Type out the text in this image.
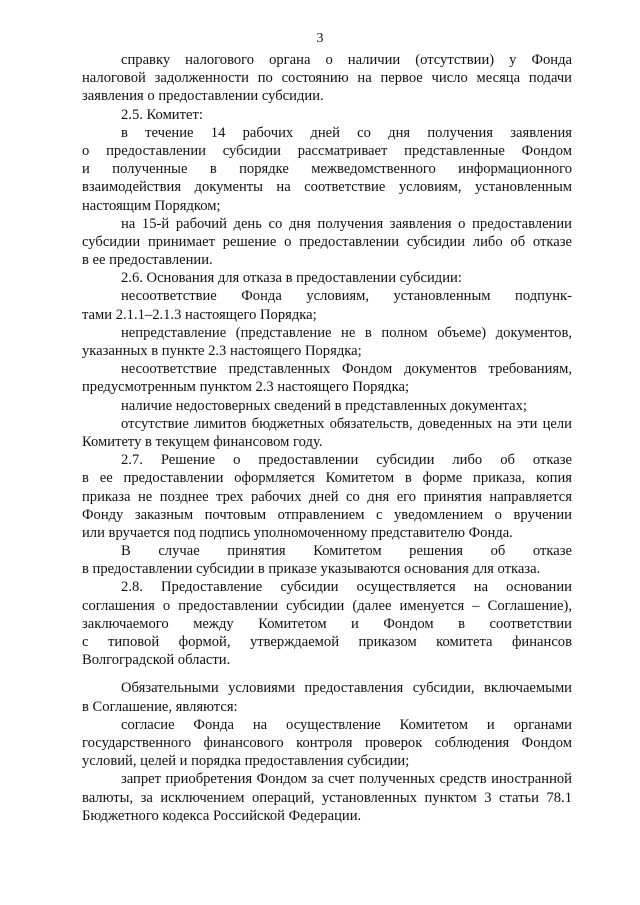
3
справку налогового органа о наличии (отсутствии) у Фонда
налоговой задолженности по состоянию на первое число месяца подачи
заявления о предоставлении субсидии.
2.5. Комитет:
в течение 14 рабочих дней со дня получения заявления
о предоставлении субсидии рассматривает представленные Фондом
и полученные в порядке межведомственного информационного
взаимодействия документы на соответствие условиям, установленным
настоящим Порядком;
на 15-й рабочий день со дня получения заявления о предоставлении
субсидии принимает решение о предоставлении субсидии либо об отказе
в ее предоставлении.
2.6. Основания для отказа в предоставлении субсидии:
несоответствие Фонда условиям, установленным подпунк-
тами 2.1.1–2.1.3 настоящего Порядка;
непредставление (представление не в полном объеме) документов,
указанных в пункте 2.3 настоящего Порядка;
несоответствие представленных Фондом документов требованиям,
предусмотренным пунктом 2.3 настоящего Порядка;
наличие недостоверных сведений в представленных документах;
отсутствие лимитов бюджетных обязательств, доведенных на эти цели
Комитету в текущем финансовом году.
2.7. Решение о предоставлении субсидии либо об отказе
в ее предоставлении оформляется Комитетом в форме приказа, копия
приказа не позднее трех рабочих дней со дня его принятия направляется
Фонду заказным почтовым отправлением с уведомлением о вручении
или вручается под подпись уполномоченному представителю Фонда.
В случае принятия Комитетом решения об отказе
в предоставлении субсидии в приказе указываются основания для отказа.
2.8. Предоставление субсидии осуществляется на основании
соглашения о предоставлении субсидии (далее именуется – Соглашение),
заключаемого между Комитетом и Фондом в соответствии
с типовой формой, утверждаемой приказом комитета финансов
Волгоградской области.
Обязательными условиями предоставления субсидии, включаемыми
в Соглашение, являются:
согласие Фонда на осуществление Комитетом и органами
государственного финансового контроля проверок соблюдения Фондом
условий, целей и порядка предоставления субсидии;
запрет приобретения Фондом за счет полученных средств иностранной
валюты, за исключением операций, установленных пунктом 3 статьи 78.1
Бюджетного кодекса Российской Федерации.
